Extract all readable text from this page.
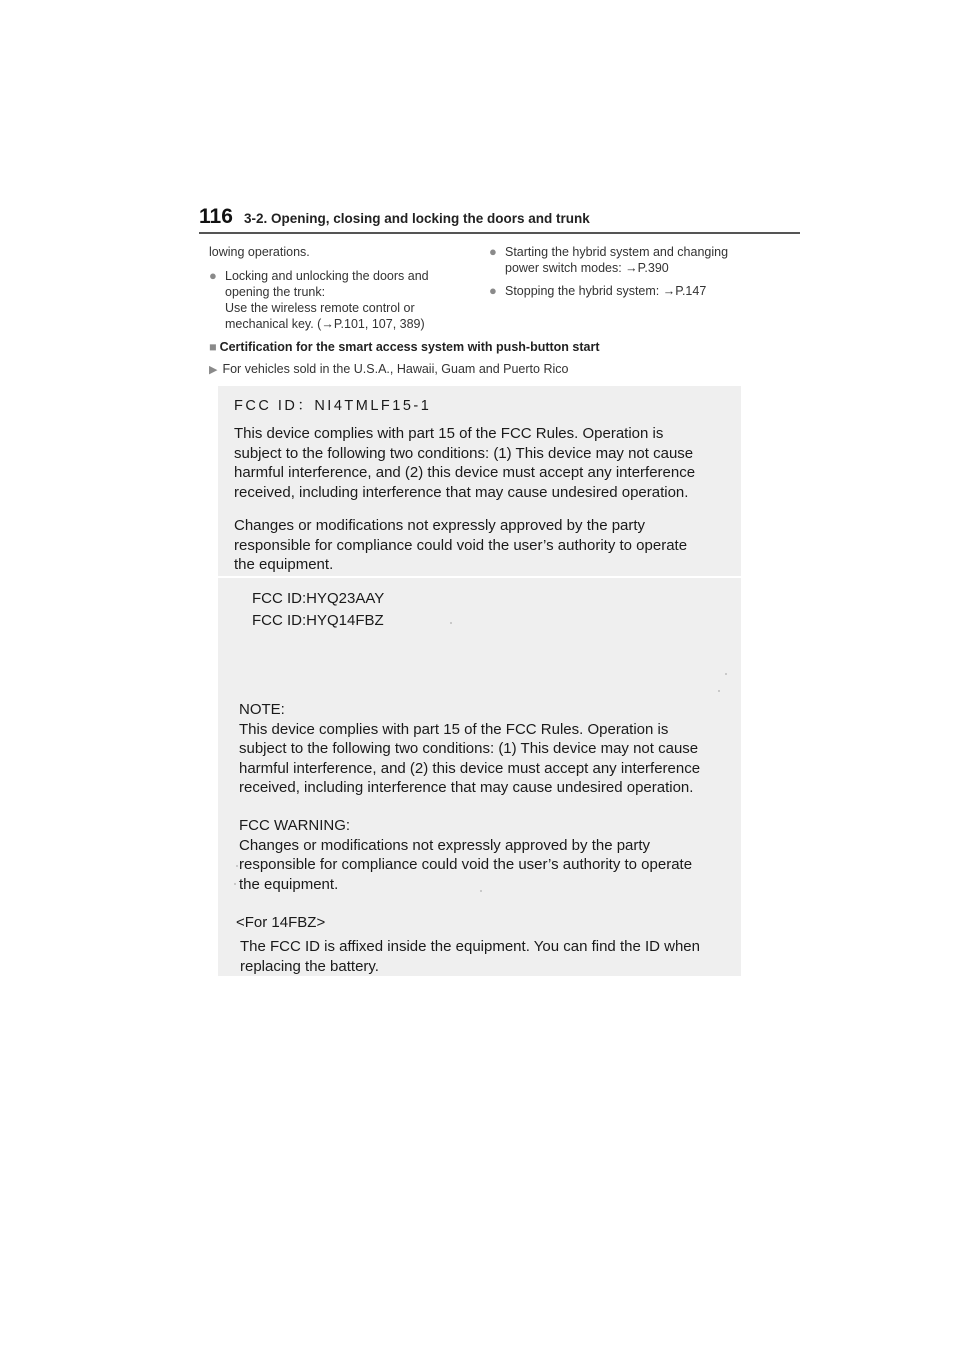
116 3-2. Opening, closing and locking the doors and trunk
lowing operations.
● Locking and unlocking the doors and
opening the trunk:
Use the wireless remote control or
mechanical key. (→P.101, 107, 389)
● Starting the hybrid system and changing
power switch modes: →P.390
● Stopping the hybrid system: →P.147
■ Certification for the smart access system with push-button start
▶ For vehicles sold in the U.S.A., Hawaii, Guam and Puerto Rico
FCC ID：NI4TMLF15-1
This device complies with part 15 of the FCC Rules. Operation is
subject to the following two conditions: (1) This device may not cause
harmful interference, and (2) this device must accept any interference
received, including interference that may cause undesired operation.
Changes or modifications not expressly approved by the party
responsible for compliance could void the user’s authority to operate
the equipment.
FCC ID:HYQ23AAY
FCC ID:HYQ14FBZ
NOTE:
This device complies with part 15 of the FCC Rules. Operation is
subject to the following two conditions: (1) This device may not cause
harmful interference, and (2) this device must accept any interference
received, including interference that may cause undesired operation.
FCC WARNING:
Changes or modifications not expressly approved by the party
responsible for compliance could void the user’s authority to operate
the equipment.
<For 14FBZ>
The FCC ID is affixed inside the equipment. You can find the ID when
replacing the battery.
